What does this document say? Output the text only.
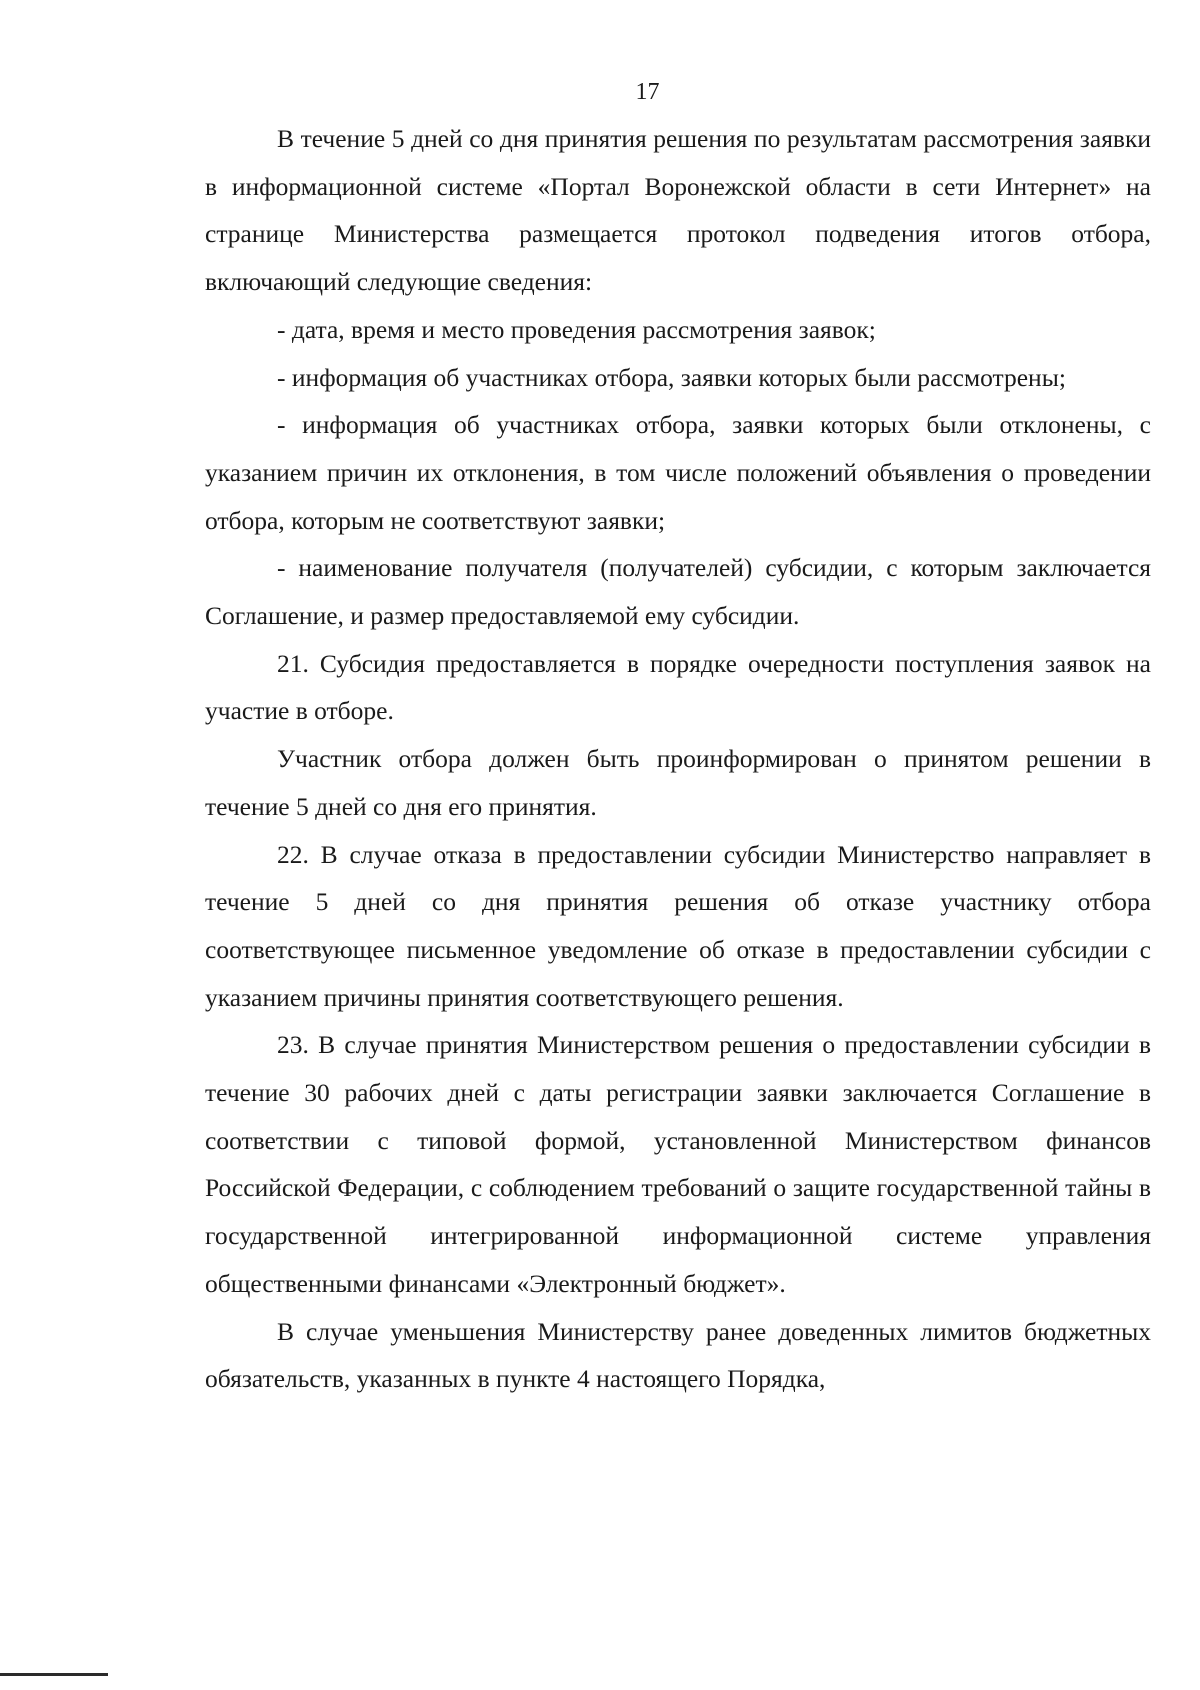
17

В течение 5 дней со дня принятия решения по результатам рассмотрения заявки в информационной системе «Портал Воронежской области в сети Интернет» на странице Министерства размещается протокол подведения итогов отбора, включающий следующие сведения:

- дата, время и место проведения рассмотрения заявок;

- информация об участниках отбора, заявки которых были рассмотрены;

- информация об участниках отбора, заявки которых были отклонены, с указанием причин их отклонения, в том числе положений объявления о проведении отбора, которым не соответствуют заявки;

- наименование получателя (получателей) субсидии, с которым заключается Соглашение, и размер предоставляемой ему субсидии.

21. Субсидия предоставляется в порядке очередности поступления заявок на участие в отборе.

Участник отбора должен быть проинформирован о принятом решении в течение 5 дней со дня его принятия.

22. В случае отказа в предоставлении субсидии Министерство направляет в течение 5 дней со дня принятия решения об отказе участнику отбора соответствующее письменное уведомление об отказе в предоставлении субсидии с указанием причины принятия соответствующего решения.

23. В случае принятия Министерством решения о предоставлении субсидии в течение 30 рабочих дней с даты регистрации заявки заключается Соглашение в соответствии с типовой формой, установленной Министерством финансов Российской Федерации, с соблюдением требований о защите государственной тайны в государственной интегрированной информационной системе управления общественными финансами «Электронный бюджет».

В случае уменьшения Министерству ранее доведенных лимитов бюджетных обязательств, указанных в пункте 4 настоящего Порядка,
